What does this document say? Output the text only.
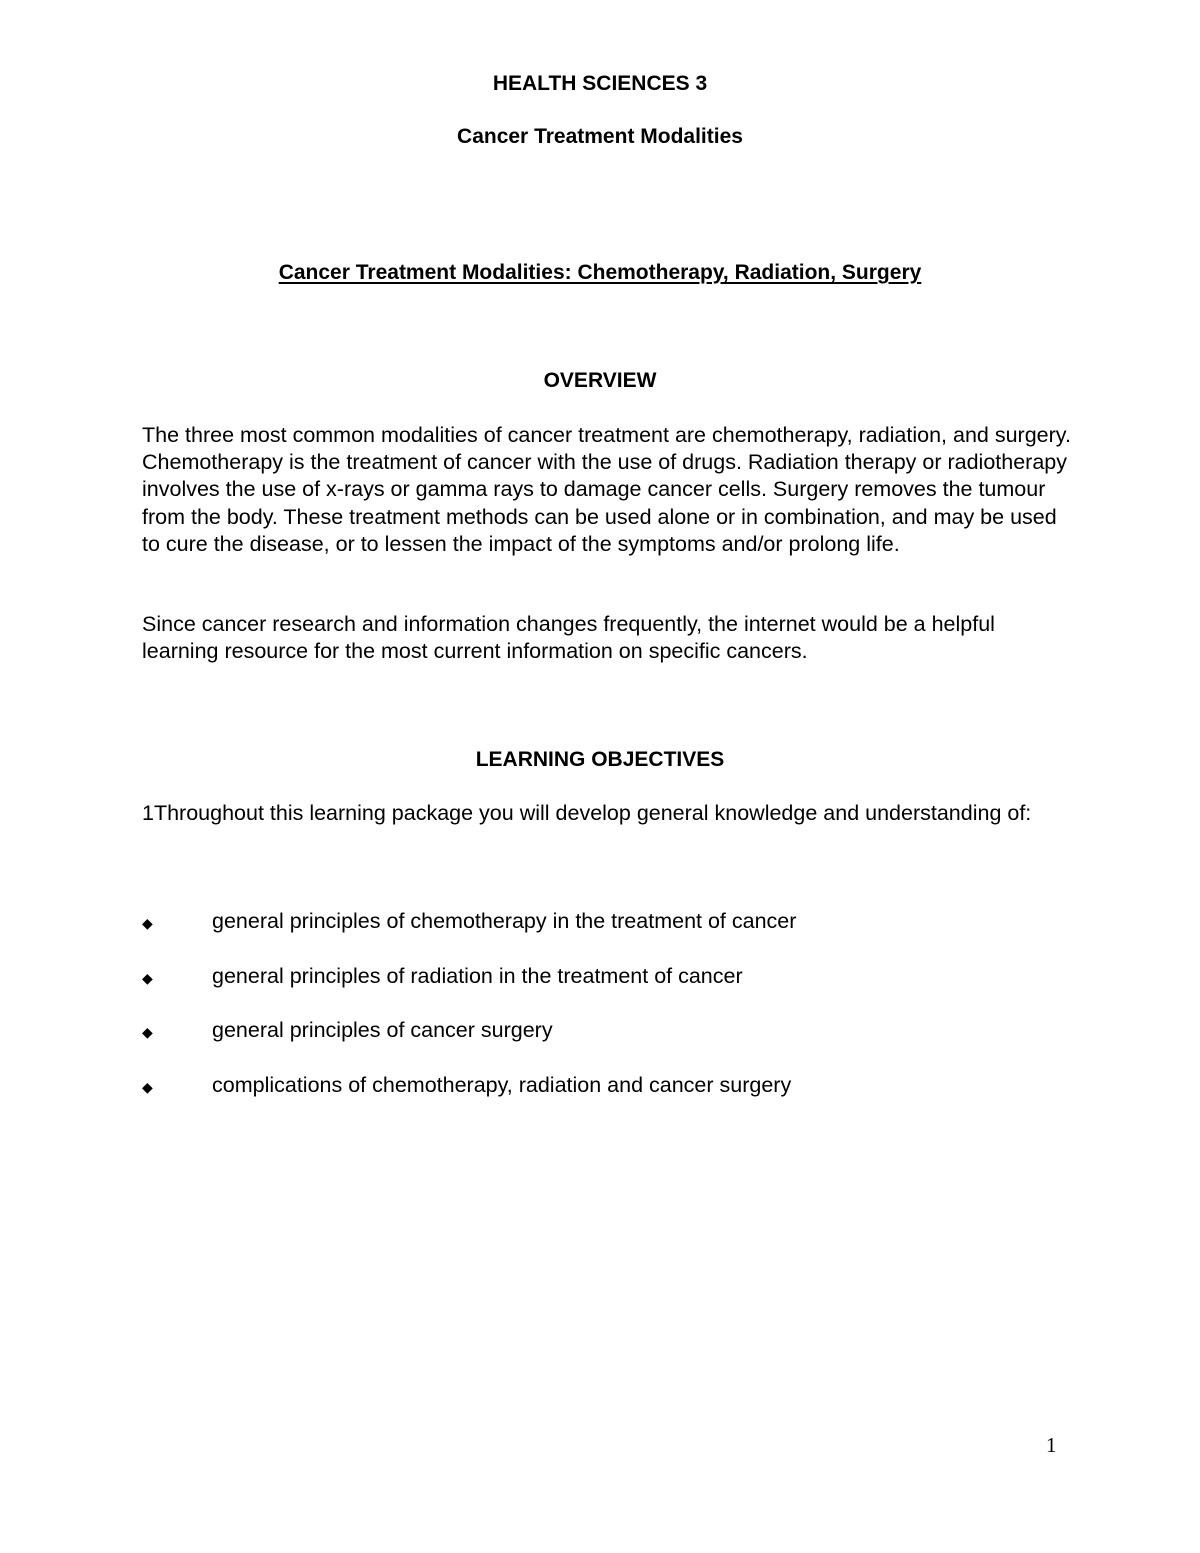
HEALTH SCIENCES 3
Cancer Treatment Modalities
Cancer Treatment Modalities: Chemotherapy, Radiation, Surgery
OVERVIEW

The three most common modalities of cancer treatment are chemotherapy, radiation, and surgery. Chemotherapy is the treatment of cancer with the use of drugs. Radiation therapy or radiotherapy involves the use of x-rays or gamma rays to damage cancer cells. Surgery removes the tumour from the body. These treatment methods can be used alone or in combination, and may be used to cure the disease, or to lessen the impact of the symptoms and/or prolong life.

Since cancer research and information changes frequently, the internet would be a helpful learning resource for the most current information on specific cancers.

LEARNING OBJECTIVES

1Throughout this learning package you will develop general knowledge and understanding of:

◆	general principles of chemotherapy in the treatment of cancer
◆	general principles of radiation in the treatment of cancer
◆	general principles of cancer surgery
◆	complications of chemotherapy, radiation and cancer surgery

1
